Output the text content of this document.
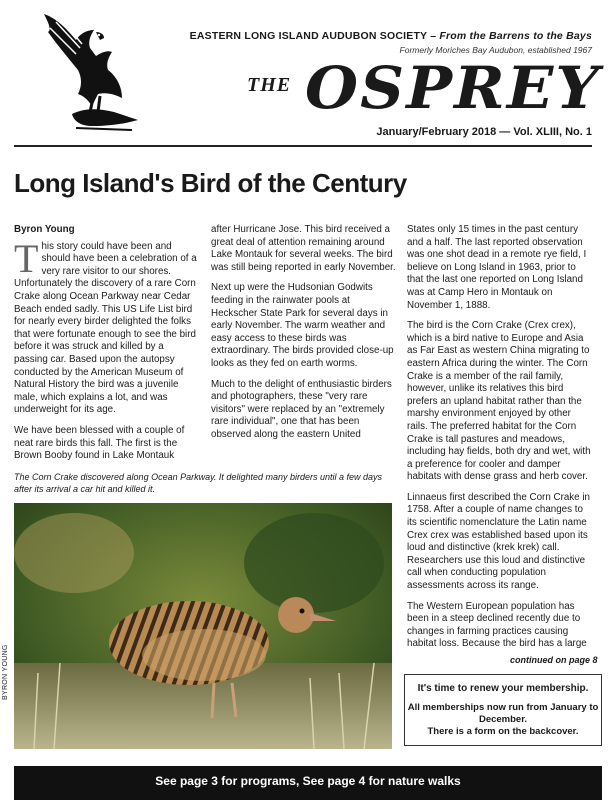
EASTERN LONG ISLAND AUDUBON SOCIETY – From the Barrens to the Bays
Formerly Moriches Bay Audubon, established 1967
THE OSPREY
January/February 2018 — Vol. XLIII, No. 1
Long Island's Bird of the Century
Byron Young

This story could have been and should have been a celebration of a very rare visitor to our shores. Unfortunately the discovery of a rare Corn Crake along Ocean Parkway near Cedar Beach ended sadly. This US Life List bird for nearly every birder delighted the folks that were fortunate enough to see the bird before it was struck and killed by a passing car. Based upon the autopsy conducted by the American Museum of Natural History the bird was a juvenile male, which explains a lot, and was underweight for its age.

We have been blessed with a couple of neat rare birds this fall. The first is the Brown Booby found in Lake Montauk

after Hurricane Jose. This bird received a great deal of attention remaining around Lake Montauk for several weeks. The bird was still being reported in early November.

Next up were the Hudsonian Godwits feeding in the rainwater pools at Heckscher State Park for several days in early November. The warm weather and easy access to these birds was extraordinary. The birds provided close-up looks as they fed on earth worms.

Much to the delight of enthusiastic birders and photographers, these "very rare visitors" were replaced by an "extremely rare individual", one that has been observed along the eastern United

States only 15 times in the past century and a half. The last reported observation was one shot dead in a remote rye field, I believe on Long Island in 1963, prior to that the last one reported on Long Island was at Camp Hero in Montauk on November 1, 1888.

The bird is the Corn Crake (Crex crex), which is a bird native to Europe and Asia as Far East as western China migrating to eastern Africa during the winter. The Corn Crake is a member of the rail family, however, unlike its relatives this bird prefers an upland habitat rather than the marshy environment enjoyed by other rails. The preferred habitat for the Corn Crake is tall pastures and meadows, including hay fields, both dry and wet, with a preference for cooler and damper habitats with dense grass and herb cover.

Linnaeus first described the Corn Crake in 1758. After a couple of name changes to its scientific nomenclature the Latin name Crex crex was established based upon its loud and distinctive (krek krek) call. Researchers use this loud and distinctive call when conducting population assessments across its range.

The Western European population has been in a steep declined recently due to changes in farming practices causing habitat loss. Because the bird has a large

The Corn Crake discovered along Ocean Parkway. It delighted many birders until a few days after its arrival a car hit and killed it.
BYRON YOUNG	continued on page 8
It's time to renew your membership.
All memberships now run from January to December.
There is a form on the backcover.
See page 3 for programs, See page 4 for nature walks
